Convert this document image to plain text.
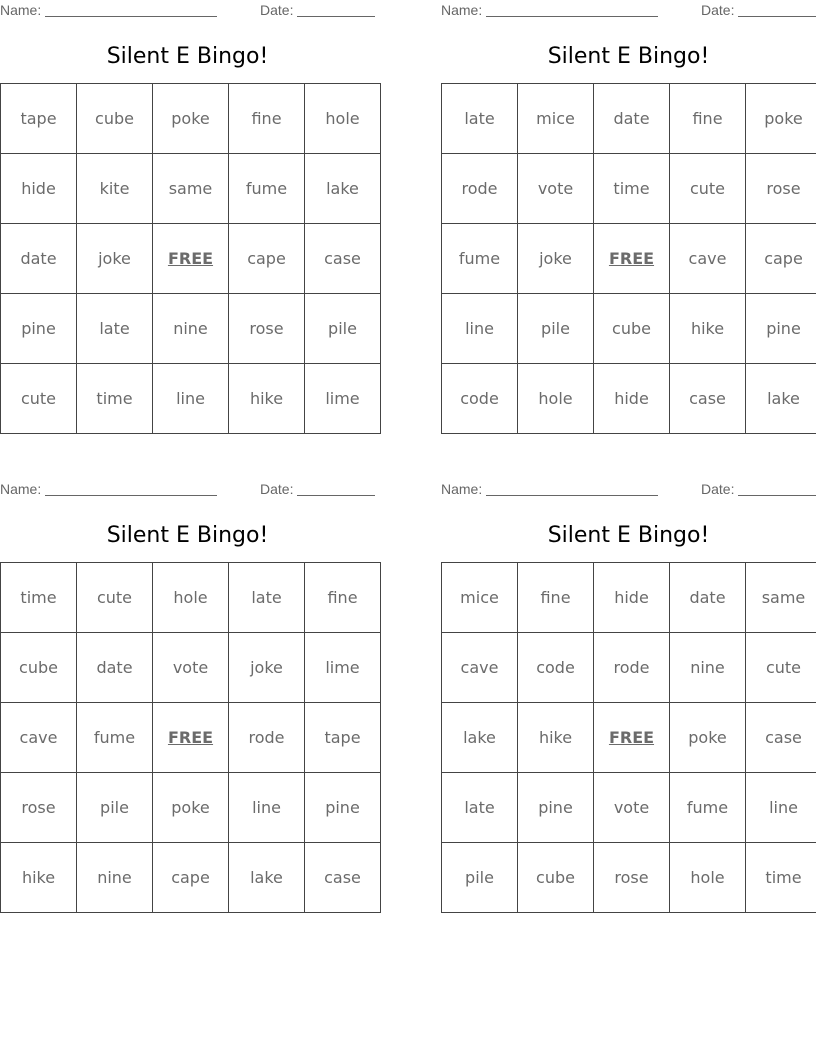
Name:	Date:
Silent E Bingo!
tape	cube	poke	fine	hole
hide	kite	same	fume	lake
date	joke	FREE	cape	case
pine	late	nine	rose	pile
cute	time	line	hike	lime
Name:	Date:
Silent E Bingo!
late	mice	date	fine	poke
rode	vote	time	cute	rose
fume	joke	FREE	cave	cape
line	pile	cube	hike	pine
code	hole	hide	case	lake
Name:	Date:
Silent E Bingo!
time	cute	hole	late	fine
cube	date	vote	joke	lime
cave	fume	FREE	rode	tape
rose	pile	poke	line	pine
hike	nine	cape	lake	case
Name:	Date:
Silent E Bingo!
mice	fine	hide	date	same
cave	code	rode	nine	cute
lake	hike	FREE	poke	case
late	pine	vote	fume	line
pile	cube	rose	hole	time
